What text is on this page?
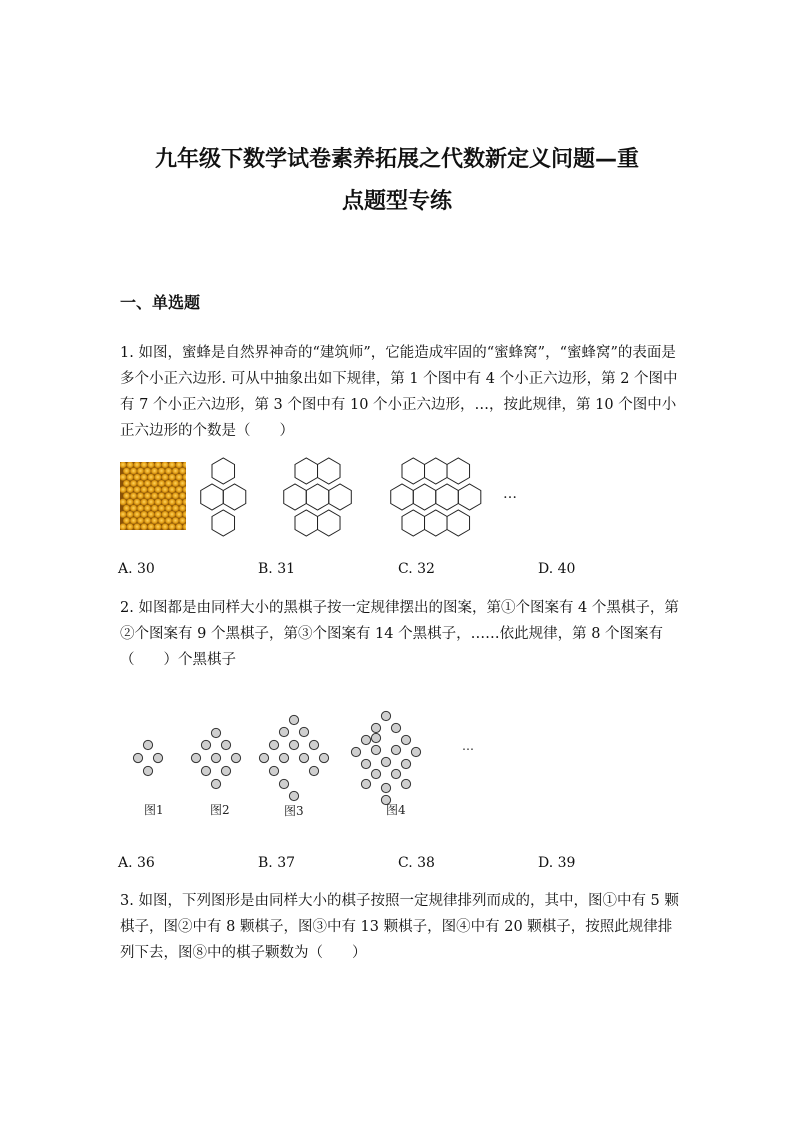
九年级下数学试卷素养拓展之代数新定义问题—重
点题型专练
一、单选题
1. 如图，蜜蜂是自然界神奇的“建筑师”，它能造成牢固的“蜜蜂窝”，“蜜蜂窝”的表面是多个小正六边形. 可从中抽象出如下规律，第 1 个图中有 4 个小正六边形，第 2 个图中有 7 个小正六边形，第 3 个图中有 10 个小正六边形，…，按此规律，第 10 个图中小正六边形的个数是（　　）
…
A. 30	B. 31	C. 32	D. 40
2. 如图都是由同样大小的黑棋子按一定规律摆出的图案，第①个图案有 4 个黑棋子，第②个图案有 9 个黑棋子，第③个图案有 14 个黑棋子，……依此规律，第 8 个图案有（　　）个黑棋子
图1	图2	图3	图4
…
A. 36	B. 37	C. 38	D. 39
3. 如图，下列图形是由同样大小的棋子按照一定规律排列而成的，其中，图①中有 5 颗棋子，图②中有 8 颗棋子，图③中有 13 颗棋子，图④中有 20 颗棋子，按照此规律排列下去，图⑧中的棋子颗数为（　　）
